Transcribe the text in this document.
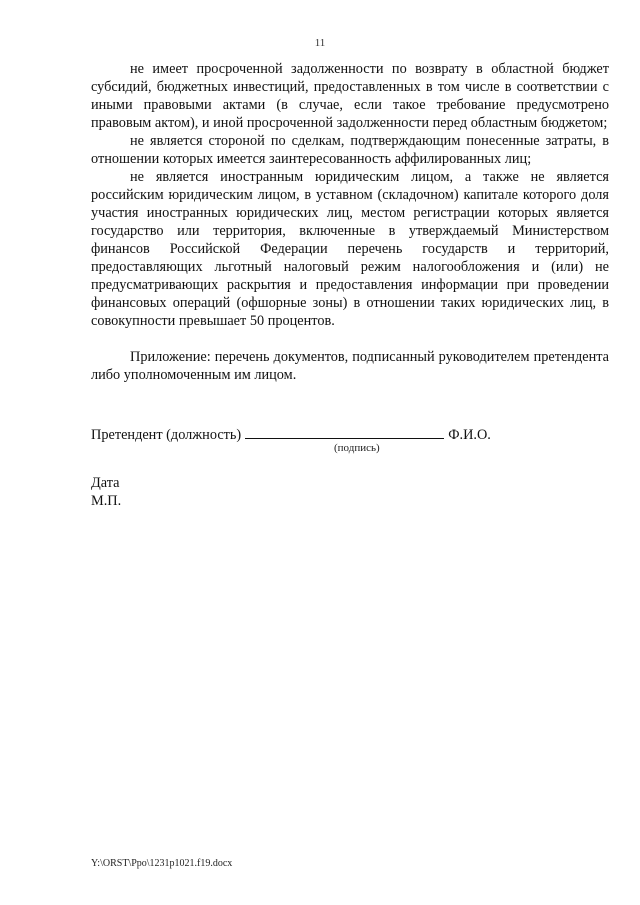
11

не имеет просроченной задолженности по возврату в областной бюджет субсидий, бюджетных инвестиций, предоставленных в том числе в соответствии с иными правовыми актами (в случае, если такое требование предусмотрено правовым актом), и иной просроченной задолженности перед областным бюджетом;

не является стороной по сделкам, подтверждающим понесенные затраты, в отношении которых имеется заинтересованность аффилированных лиц;

не является иностранным юридическим лицом, а также не является российским юридическим лицом, в уставном (складочном) капитале которого доля участия иностранных юридических лиц, местом регистрации которых является государство или территория, включенные в утверждаемый Министерством финансов Российской Федерации перечень государств и территорий, предоставляющих льготный налоговый режим налогообложения и (или) не предусматривающих раскрытия и предоставления информации при проведении финансовых операций (офшорные зоны) в отношении таких юридических лиц, в совокупности превышает 50 процентов.

Приложение: перечень документов, подписанный руководителем претендента либо уполномоченным им лицом.

Претендент (должность)	Ф.И.О.
(подпись)
Дата
М.П.
Y:\ORST\Ppo\1231p1021.f19.docx
